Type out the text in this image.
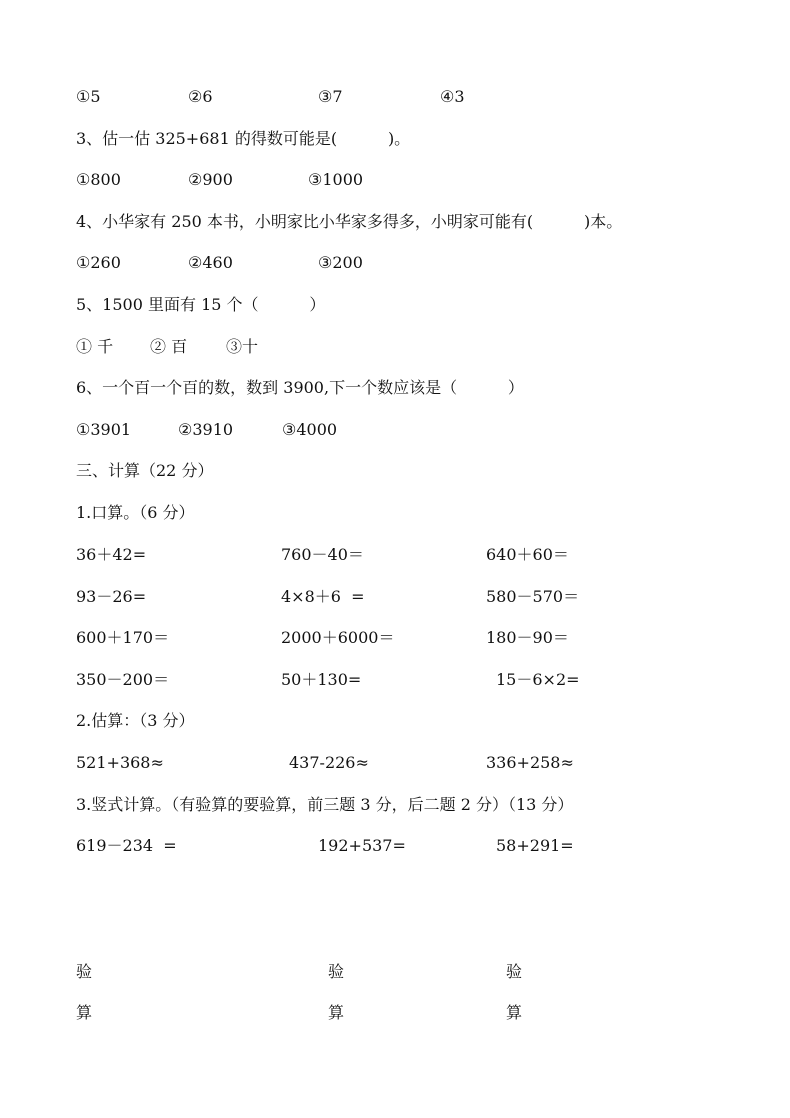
①5	②6	③7	④3
3、估一估 325+681 的得数可能是(          )。
①800	②900	③1000
4、小华家有 250 本书，小明家比小华家多得多，小明家可能有(          )本。
①260	②460	③200
5、1500 里面有 15 个（          ）
① 千 ② 百 ③十
6、一个百一个百的数，数到 3900,下一个数应该是（          ）
①3901	②3910	③4000
三、计算（22 分）
1.口算。（6 分）
36＋42=	760－40＝	640＋60＝
93－26=	4×8＋6  =	580－570＝
600＋170＝	2000＋6000＝	180－90＝
350－200＝	50＋130=	15－6×2=
2.估算：（3 分）
521+368≈	437-226≈	336+258≈
3.竖式计算。（有验算的要验算，前三题 3 分，后二题 2 分）（13 分）
619－234  =	192+537=	58+291=
验	验	验
算	算	算
